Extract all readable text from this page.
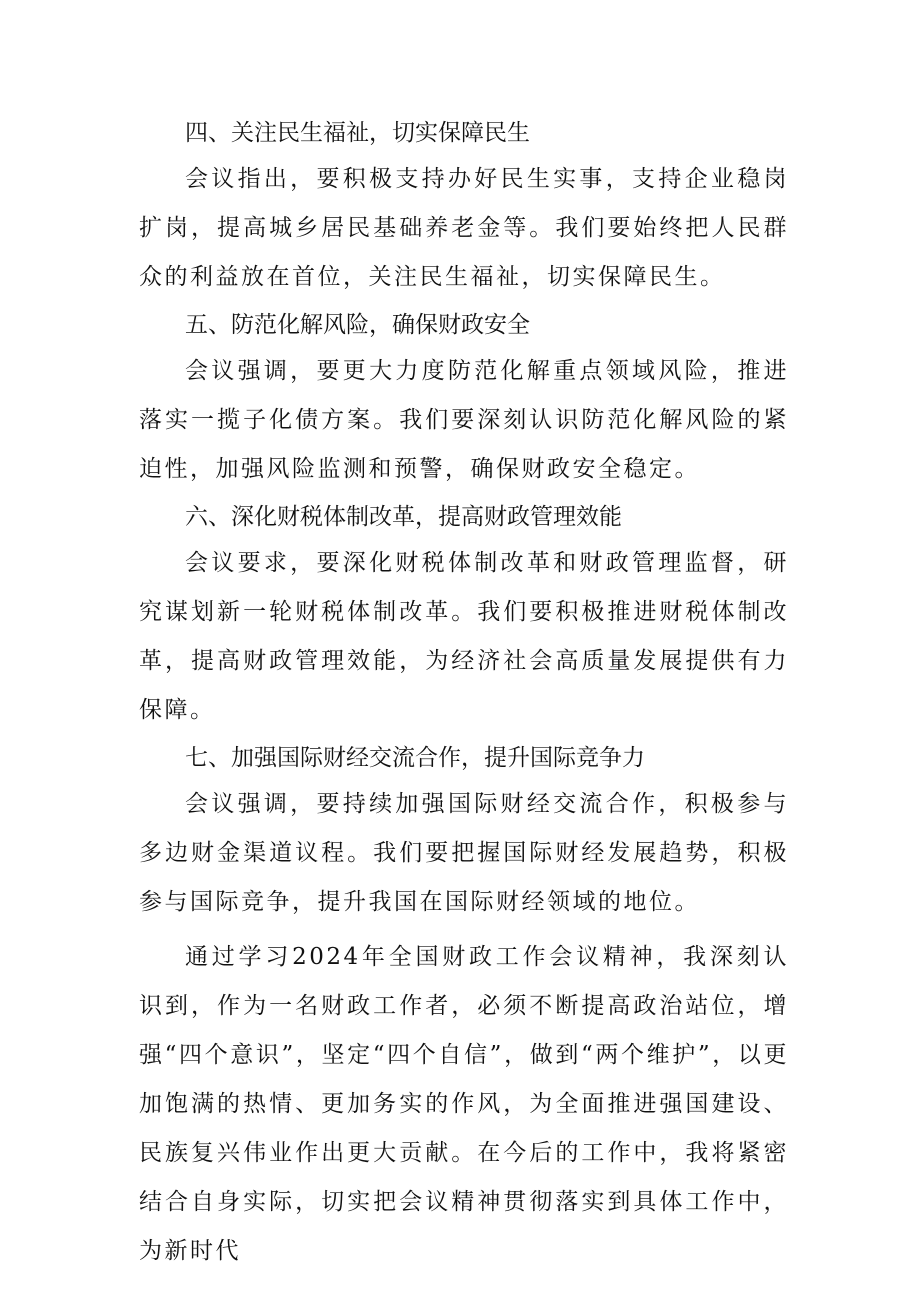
四、关注民生福祉，切实保障民生

会议指出，要积极支持办好民生实事，支持企业稳岗扩岗，提高城乡居民基础养老金等。我们要始终把人民群众的利益放在首位，关注民生福祉，切实保障民生。

五、防范化解风险，确保财政安全

会议强调，要更大力度防范化解重点领域风险，推进落实一揽子化债方案。我们要深刻认识防范化解风险的紧迫性，加强风险监测和预警，确保财政安全稳定。

六、深化财税体制改革，提高财政管理效能

会议要求，要深化财税体制改革和财政管理监督，研究谋划新一轮财税体制改革。我们要积极推进财税体制改革，提高财政管理效能，为经济社会高质量发展提供有力保障。

七、加强国际财经交流合作，提升国际竞争力

会议强调，要持续加强国际财经交流合作，积极参与多边财金渠道议程。我们要把握国际财经发展趋势，积极参与国际竞争，提升我国在国际财经领域的地位。

通过学习2024年全国财政工作会议精神，我深刻认识到，作为一名财政工作者，必须不断提高政治站位，增强“四个意识”，坚定“四个自信”，做到“两个维护”，以更加饱满的热情、更加务实的作风，为全面推进强国建设、民族复兴伟业作出更大贡献。在今后的工作中，我将紧密结合自身实际，切实把会议精神贯彻落实到具体工作中，为新时代
